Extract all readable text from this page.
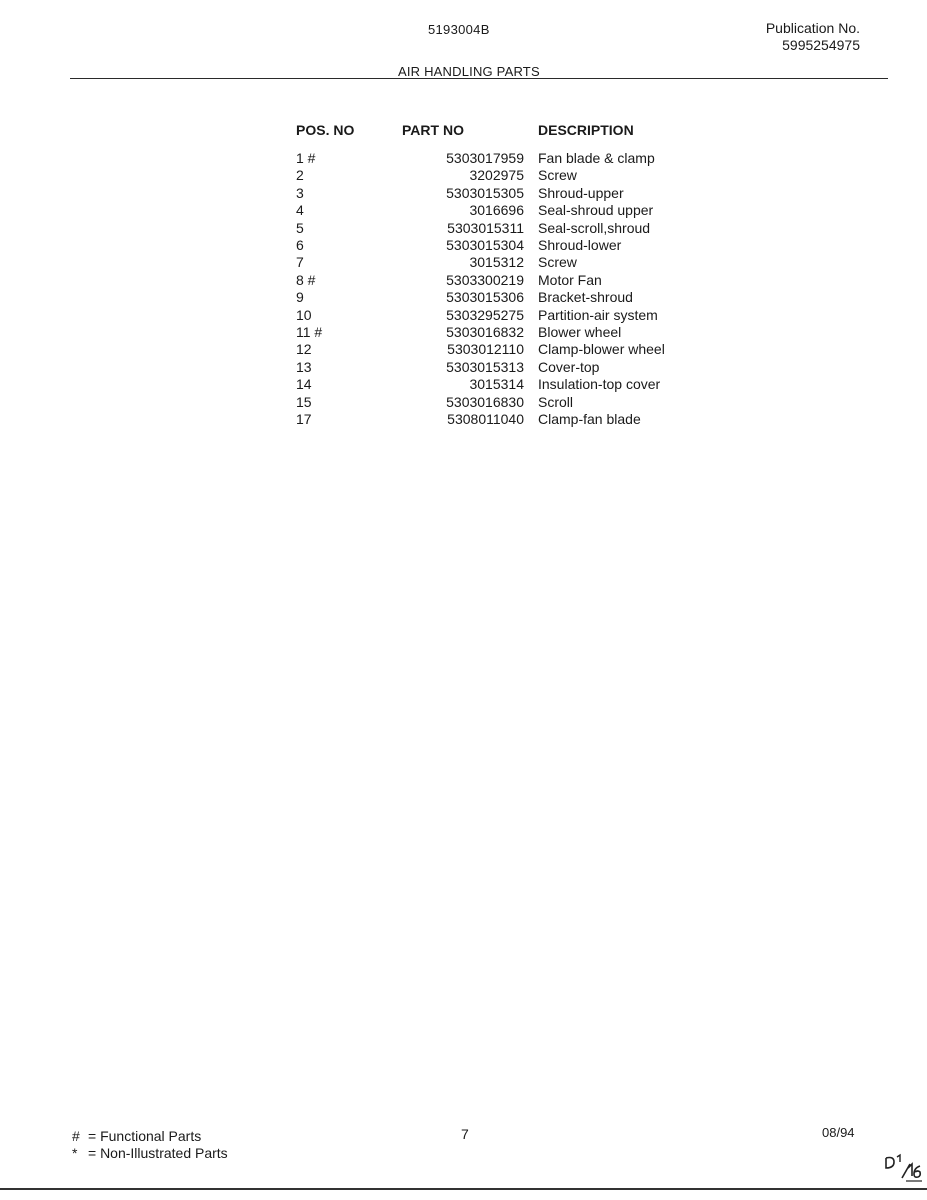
5193004B	Publication No.
5995254975
AIR HANDLING PARTS
POS. NO	PART NO	DESCRIPTION
1 #	5303017959	Fan blade & clamp
2	3202975	Screw
3	5303015305	Shroud-upper
4	3016696	Seal-shroud upper
5	5303015311	Seal-scroll,shroud
6	5303015304	Shroud-lower
7	3015312	Screw
8 #	5303300219	Motor Fan
9	5303015306	Bracket-shroud
10	5303295275	Partition-air system
11 #	5303016832	Blower wheel
12	5303012110	Clamp-blower wheel
13	5303015313	Cover-top
14	3015314	Insulation-top cover
15	5303016830	Scroll
17	5308011040	Clamp-fan blade
# = Functional Parts
* = Non-Illustrated Parts
7	08/94
